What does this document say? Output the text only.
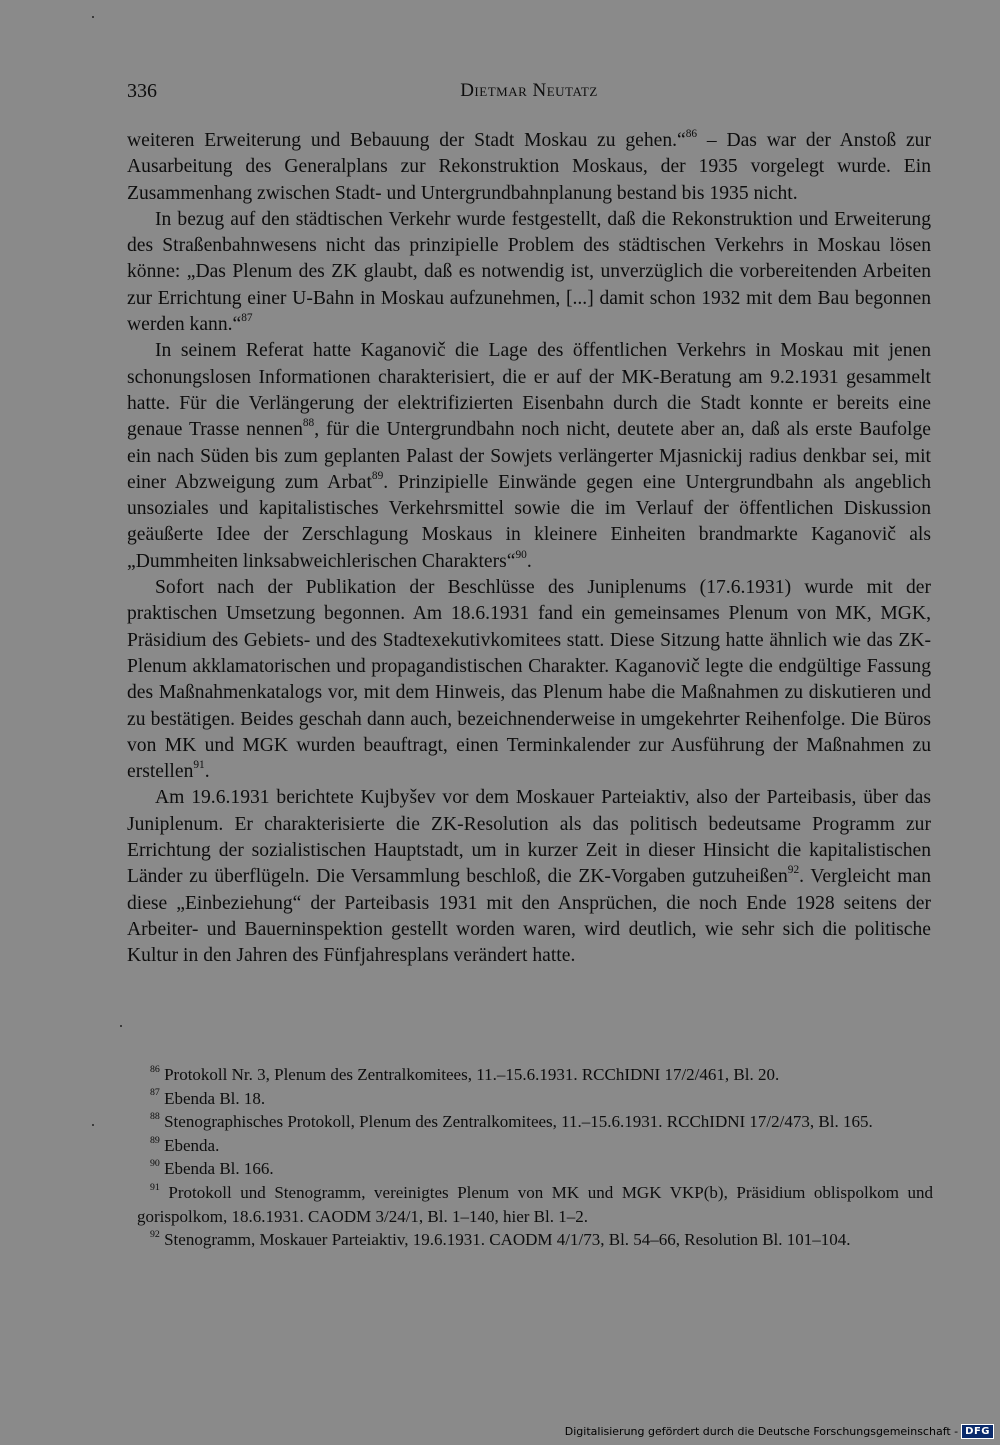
336	Dietmar Neutatz

weiteren Erweiterung und Bebauung der Stadt Moskau zu gehen.“$^{86}$ – Das war der Anstoß zur Ausarbeitung des Generalplans zur Rekonstruktion Moskaus, der 1935 vorgelegt wurde. Ein Zusammenhang zwischen Stadt- und Untergrundbahnplanung bestand bis 1935 nicht.

In bezug auf den städtischen Verkehr wurde festgestellt, daß die Rekonstruktion und Erweiterung des Straßenbahnwesens nicht das prinzipielle Problem des städtischen Verkehrs in Moskau lösen könne: „Das Plenum des ZK glaubt, daß es notwendig ist, unverzüglich die vorbereitenden Arbeiten zur Errichtung einer U-Bahn in Moskau aufzunehmen, [...] damit schon 1932 mit dem Bau begonnen werden kann.“$^{87}$

In seinem Referat hatte Kaganovič die Lage des öffentlichen Verkehrs in Moskau mit jenen schonungslosen Informationen charakterisiert, die er auf der MK-Beratung am 9.2.1931 gesammelt hatte. Für die Verlängerung der elektrifizierten Eisenbahn durch die Stadt konnte er bereits eine genaue Trasse nennen$^{88}$, für die Untergrundbahn noch nicht, deutete aber an, daß als erste Baufolge ein nach Süden bis zum geplanten Palast der Sowjets verlängerter Mjasnickij radius denkbar sei, mit einer Abzweigung zum Arbat$^{89}$. Prinzipielle Einwände gegen eine Untergrundbahn als angeblich unsoziales und kapitalistisches Verkehrsmittel sowie die im Verlauf der öffentlichen Diskussion geäußerte Idee der Zerschlagung Moskaus in kleinere Einheiten brandmarkte Kaganovič als „Dummheiten linksabweichlerischen Charakters“$^{90}$.

Sofort nach der Publikation der Beschlüsse des Juniplenums (17.6.1931) wurde mit der praktischen Umsetzung begonnen. Am 18.6.1931 fand ein gemeinsames Plenum von MK, MGK, Präsidium des Gebiets- und des Stadtexekutivkomitees statt. Diese Sitzung hatte ähnlich wie das ZK-Plenum akklamatorischen und propagandistischen Charakter. Kaganovič legte die endgültige Fassung des Maßnahmenkatalogs vor, mit dem Hinweis, das Plenum habe die Maßnahmen zu diskutieren und zu bestätigen. Beides geschah dann auch, bezeichnenderweise in umgekehrter Reihenfolge. Die Büros von MK und MGK wurden beauftragt, einen Terminkalender zur Ausführung der Maßnahmen zu erstellen$^{91}$.

Am 19.6.1931 berichtete Kujbyšev vor dem Moskauer Parteiaktiv, also der Parteibasis, über das Juniplenum. Er charakterisierte die ZK-Resolution als das politisch bedeutsame Programm zur Errichtung der sozialistischen Hauptstadt, um in kurzer Zeit in dieser Hinsicht die kapitalistischen Länder zu überflügeln. Die Versammlung beschloß, die ZK-Vorgaben gutzuheißen$^{92}$. Vergleicht man diese „Einbeziehung“ der Parteibasis 1931 mit den Ansprüchen, die noch Ende 1928 seitens der Arbeiter- und Bauerninspektion gestellt worden waren, wird deutlich, wie sehr sich die politische Kultur in den Jahren des Fünfjahresplans verändert hatte.

$^{86}$ Protokoll Nr. 3, Plenum des Zentralkomitees, 11.–15.6.1931. RCChIDNI 17/2/461, Bl. 20.

$^{87}$ Ebenda Bl. 18.

$^{88}$ Stenographisches Protokoll, Plenum des Zentralkomitees, 11.–15.6.1931. RCChIDNI 17/2/473, Bl. 165.

$^{89}$ Ebenda.

$^{90}$ Ebenda Bl. 166.

$^{91}$ Protokoll und Stenogramm, vereinigtes Plenum von MK und MGK VKP(b), Präsidium oblispolkom und gorispolkom, 18.6.1931. CAODM 3/24/1, Bl. 1–140, hier Bl. 1–2.

$^{92}$ Stenogramm, Moskauer Parteiaktiv, 19.6.1931. CAODM 4/1/73, Bl. 54–66, Resolution Bl. 101–104.

Digitalisierung gefördert durch die Deutsche Forschungsgemeinschaft - DFG
